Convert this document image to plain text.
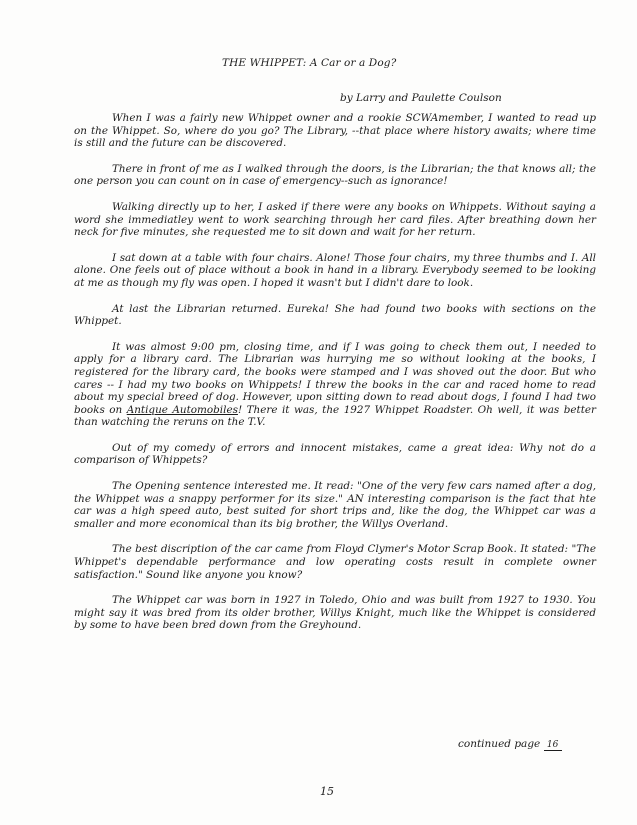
THE WHIPPET: A Car or a Dog?
by Larry and Paulette Coulson

When I was a fairly new Whippet owner and a rookie SCWAmember, I wanted to read up on the Whippet. So, where do you go? The Library, --that place where history awaits; where time is still and the future can be discovered.

There in front of me as I walked through the doors, is the Librarian; the that knows all; the one person you can count on in case of emergency--such as ignorance!

Walking directly up to her, I asked if there were any books on Whippets. Without saying a word she immediatley went to work searching through her card files. After breathing down her neck for five minutes, she requested me to sit down and wait for her return.

I sat down at a table with four chairs. Alone! Those four chairs, my three thumbs and I. All alone. One feels out of place without a book in hand in a library. Everybody seemed to be looking at me as though my fly was open. I hoped it wasn't but I didn't dare to look.

At last the Librarian returned. Eureka! She had found two books with sections on the Whippet.

It was almost 9:00 pm, closing time, and if I was going to check them out, I needed to apply for a library card. The Librarian was hurrying me so without looking at the books, I registered for the library card, the books were stamped and I was shoved out the door. But who cares -- I had my two books on Whippets! I threw the books in the car and raced home to read about my special breed of dog. However, upon sitting down to read about dogs, I found I had two books on Antique Automobiles! There it was, the 1927 Whippet Roadster. Oh well, it was better than watching the reruns on the T.V.

Out of my comedy of errors and innocent mistakes, came a great idea: Why not do a comparison of Whippets?

The Opening sentence interested me. It read: "One of the very few cars named after a dog, the Whippet was a snappy performer for its size." AN interesting comparison is the fact that hte car was a high speed auto, best suited for short trips and, like the dog, the Whippet car was a smaller and more economical than its big brother, the Willys Overland.

The best discription of the car came from Floyd Clymer's Motor Scrap Book. It stated: "The Whippet's dependable performance and low operating costs result in complete owner satisfaction." Sound like anyone you know?

The Whippet car was born in 1927 in Toledo, Ohio and was built from 1927 to 1930. You might say it was bred from its older brother, Willys Knight, much like the Whippet is considered by some to have been bred down from the Greyhound.

continued page 16
15
